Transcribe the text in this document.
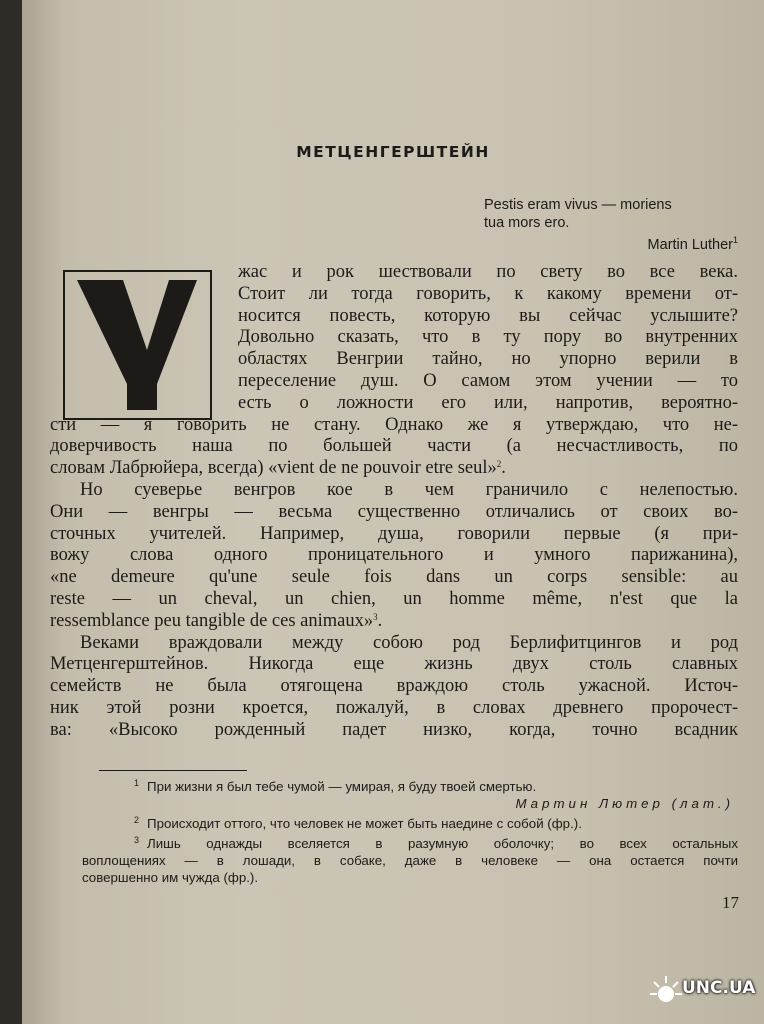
МЕТЦЕНГЕРШТЕЙН
Pestis eram vivus — moriens
tua mors ero.
Martin Luther$^1$
У	жас и рок шествовали по свету во все века.
Стоит ли тогда говорить, к какому времени от-
носится повесть, которую вы сейчас услышите?
Довольно сказать, что в ту пору во внутренних
областях Венгрии тайно, но упорно верили в
переселение душ. О самом этом учении — то
есть о ложности его или, напротив, вероятно-
сти — я говорить не стану. Однако же я утверждаю, что не-
доверчивость наша по большей части (а несчастливость, по
словам Лабрюйера, всегда) «vient de ne pouvoir etre seul»$^2$.
Но суеверье венгров кое в чем граничило с нелепостью.
Они — венгры — весьма существенно отличались от своих во-
сточных учителей. Например, душа, говорили первые (я при-
вожу слова одного проницательного и умного парижанина),
«ne demeure qu'une seule fois dans un corps sensible: au
reste — un cheval, un chien, un homme même, n'est que la
ressemblance peu tangible de ces animaux»$^3$.
Веками враждовали между собою род Берлифитцингов и род
Метценгерштейнов. Никогда еще жизнь двух столь славных
семейств не была отягощена враждою столь ужасной. Источ-
ник этой розни кроется, пожалуй, в словах древнего пророчест-
ва: «Высоко рожденный падет низко, когда, точно всадник
$^1$ При жизни я был тебе чумой — умирая, я буду твоей смертью.
Мартин Лютер (лат.)
$^2$ Происходит оттого, что человек не может быть наедине с собой (фр.).
$^3$ Лишь однажды вселяется в разумную оболочку; во всех остальных
воплощениях — в лошади, в собаке, даже в человеке — она остается почти
совершенно им чужда (фр.).
17
UNC.UA
